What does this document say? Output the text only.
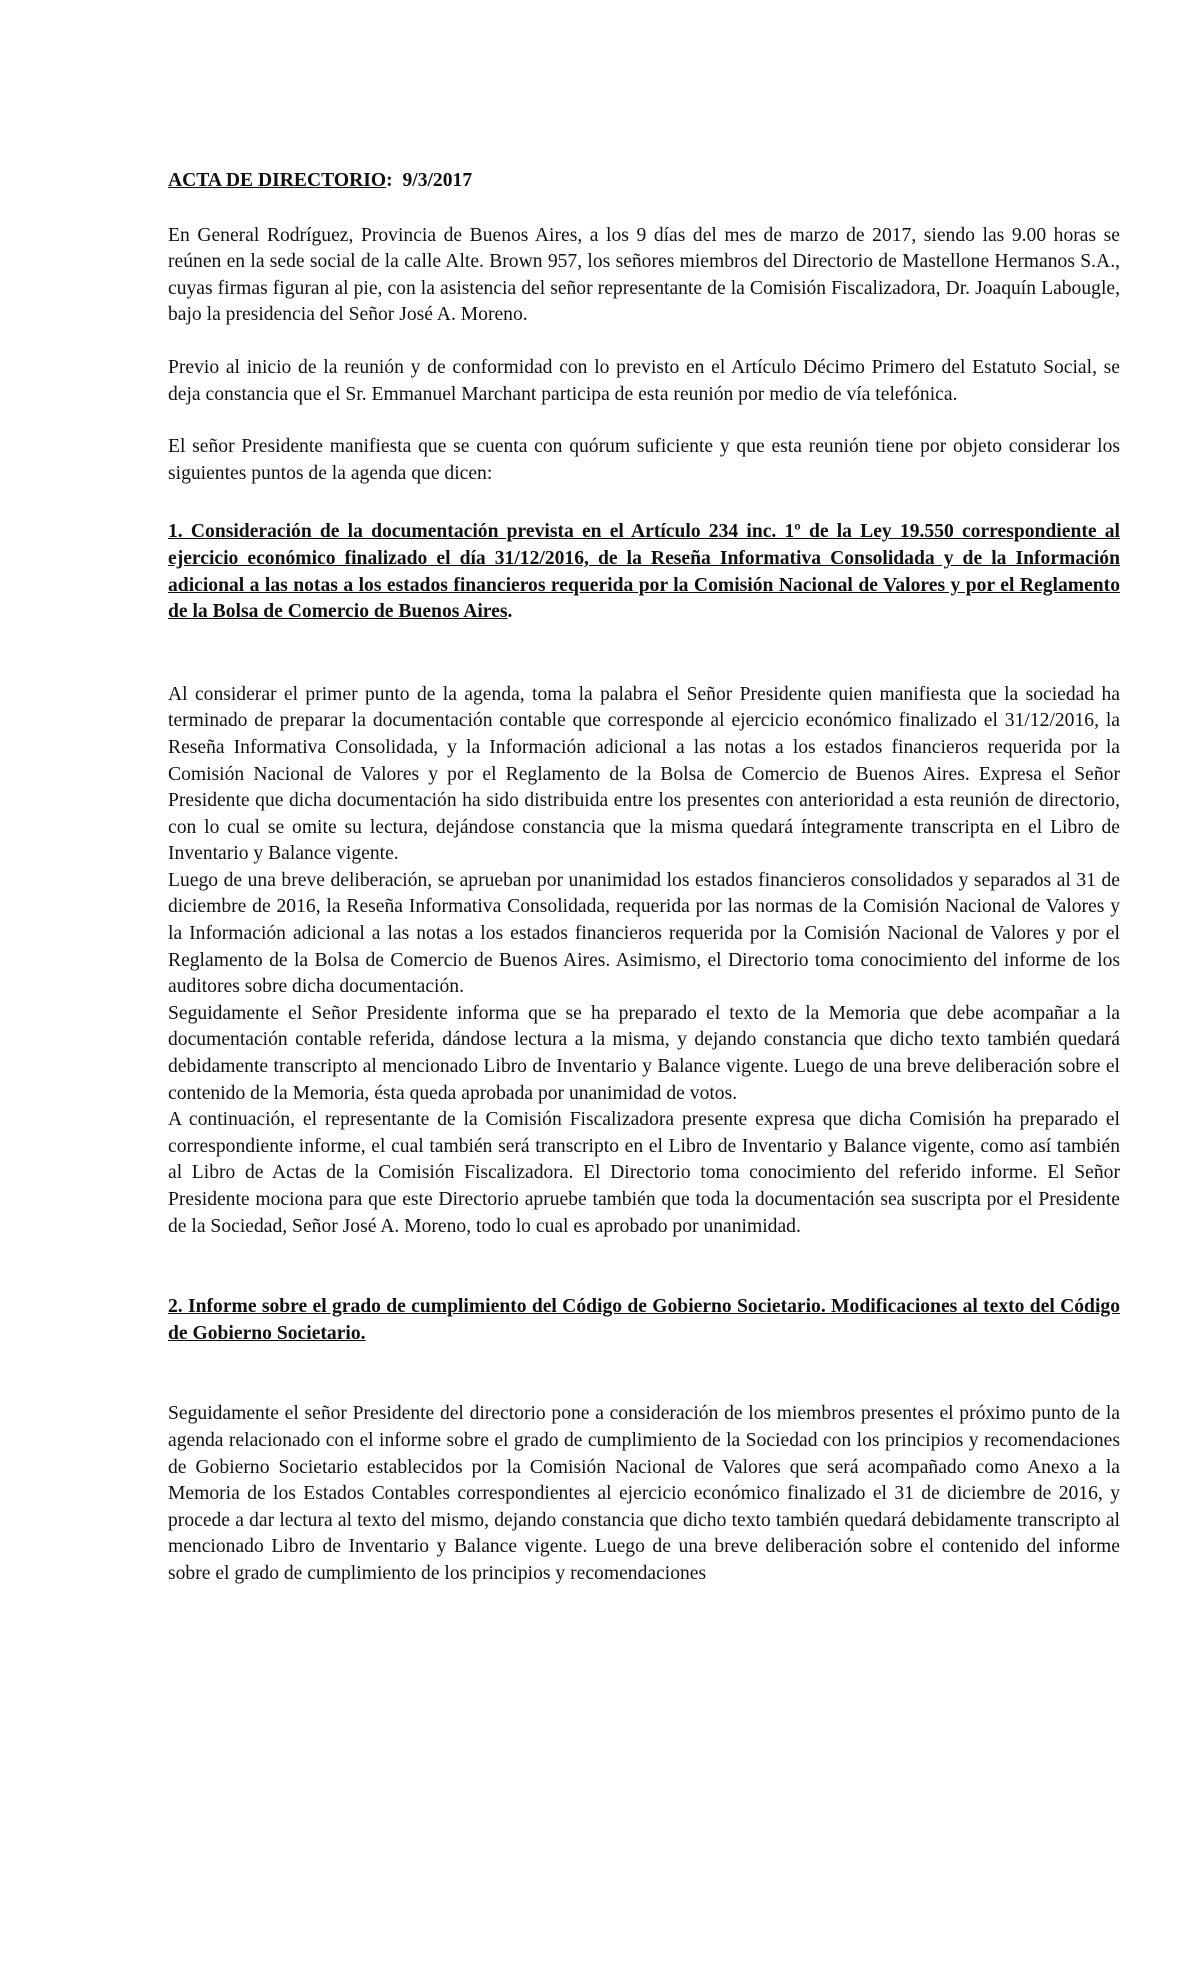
ACTA DE DIRECTORIO:  9/3/2017

En General Rodríguez, Provincia de Buenos Aires, a los 9 días del mes de marzo de 2017, siendo las 9.00 horas se reúnen en la sede social de la calle Alte. Brown 957, los señores miembros del Directorio de Mastellone Hermanos S.A., cuyas firmas figuran al pie, con la asistencia del señor representante de la Comisión Fiscalizadora, Dr. Joaquín Labougle, bajo la presidencia del Señor José A. Moreno.

Previo al inicio de la reunión y de conformidad con lo previsto en el Artículo Décimo Primero del Estatuto Social, se deja constancia que el Sr. Emmanuel Marchant participa de esta reunión por medio de vía telefónica.

El señor Presidente manifiesta que se cuenta con quórum suficiente y que esta reunión tiene por objeto considerar los siguientes puntos de la agenda que dicen:

1. Consideración de la documentación prevista en el Artículo 234 inc. 1º de la Ley 19.550 correspondiente al ejercicio económico finalizado el día 31/12/2016, de la Reseña Informativa Consolidada y de la Información adicional a las notas a los estados financieros requerida por la Comisión Nacional de Valores y por el Reglamento de la Bolsa de Comercio de Buenos Aires.

Al considerar el primer punto de la agenda, toma la palabra el Señor Presidente quien manifiesta que la sociedad ha terminado de preparar la documentación contable que corresponde al ejercicio económico finalizado el 31/12/2016, la Reseña Informativa Consolidada, y la Información adicional a las notas a los estados financieros requerida por la Comisión Nacional de Valores y por el Reglamento de la Bolsa de Comercio de Buenos Aires. Expresa el Señor Presidente que dicha documentación ha sido distribuida entre los presentes con anterioridad a esta reunión de directorio, con lo cual se omite su lectura, dejándose constancia que la misma quedará íntegramente transcripta en el Libro de Inventario y Balance vigente.

Luego de una breve deliberación, se aprueban por unanimidad los estados financieros consolidados y separados al 31 de diciembre de 2016, la Reseña Informativa Consolidada, requerida por las normas de la Comisión Nacional de Valores y la Información adicional a las notas a los estados financieros requerida por la Comisión Nacional de Valores y por el Reglamento de la Bolsa de Comercio de Buenos Aires. Asimismo, el Directorio toma conocimiento del informe de los auditores sobre dicha documentación.

Seguidamente el Señor Presidente informa que se ha preparado el texto de la Memoria que debe acompañar a la documentación contable referida, dándose lectura a la misma, y dejando constancia que dicho texto también quedará debidamente transcripto al mencionado Libro de Inventario y Balance vigente. Luego de una breve deliberación sobre el contenido de la Memoria, ésta queda aprobada por unanimidad de votos.

A continuación, el representante de la Comisión Fiscalizadora presente expresa que dicha Comisión ha preparado el correspondiente informe, el cual también será transcripto en el Libro de Inventario y Balance vigente, como así también al Libro de Actas de la Comisión Fiscalizadora. El Directorio toma conocimiento del referido informe. El Señor Presidente mociona para que este Directorio apruebe también que toda la documentación sea suscripta por el Presidente de la Sociedad, Señor José A. Moreno, todo lo cual es aprobado por unanimidad.

2. Informe sobre el grado de cumplimiento del Código de Gobierno Societario. Modificaciones al texto del Código de Gobierno Societario.

Seguidamente el señor Presidente del directorio pone a consideración de los miembros presentes el próximo punto de la agenda relacionado con el informe sobre el grado de cumplimiento de la Sociedad con los principios y recomendaciones de Gobierno Societario establecidos por la Comisión Nacional de Valores que será acompañado como Anexo a la Memoria de los Estados Contables correspondientes al ejercicio económico finalizado el 31 de diciembre de 2016, y procede a dar lectura al texto del mismo, dejando constancia que dicho texto también quedará debidamente transcripto al mencionado Libro de Inventario y Balance vigente. Luego de una breve deliberación sobre el contenido del informe sobre el grado de cumplimiento de los principios y recomendaciones
